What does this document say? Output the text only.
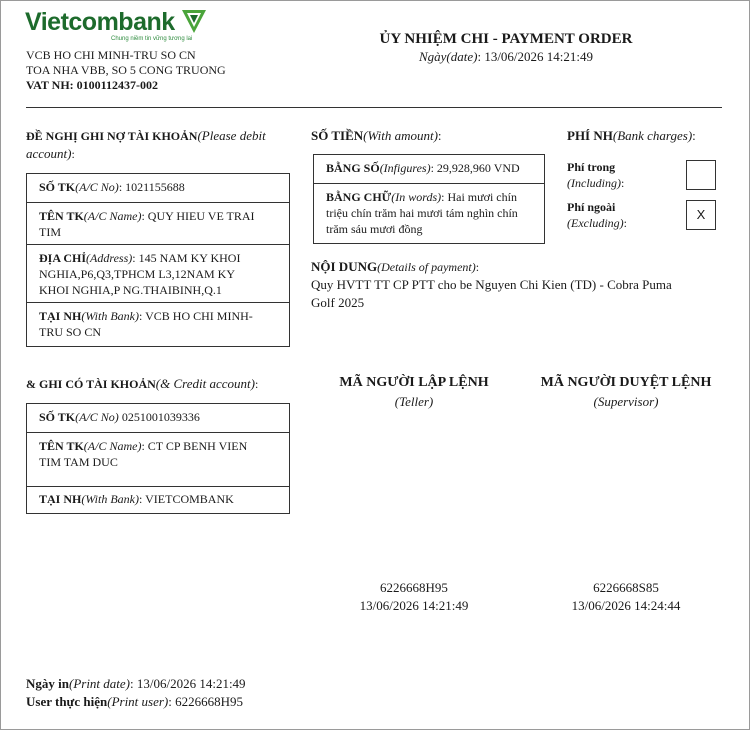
Vietcombank
Chung niềm tin vững tương lai
VCB HO CHI MINH-TRU SO CN
TOA NHA VBB, SO 5 CONG TRUONG
VAT NH: 0100112437-002
ỦY NHIỆM CHI - PAYMENT ORDER
Ngày(date): 13/06/2026 14:21:49
ĐỀ NGHỊ GHI NỢ TÀI KHOẢN(Please debit
account):
SỐ TK(A/C No): 1021155688
TÊN TK(A/C Name): QUY HIEU VE TRAI
TIM
ĐỊA CHỈ(Address): 145 NAM KY KHOI
NGHIA,P6,Q3,TPHCM L3,12NAM KY
KHOI NGHIA,P NG.THAIBINH,Q.1
TẠI NH(With Bank): VCB HO CHI MINH-
TRU SO CN
SỐ TIỀN(With amount):
BẰNG SỐ(Infigures): 29,928,960 VND
BẰNG CHỮ(In words): Hai mươi chín
triệu chín trăm hai mươi tám nghìn chín
trăm sáu mươi đồng
PHÍ NH(Bank charges):
Phí trong
(Including):
Phí ngoài
(Excluding):
X
NỘI DUNG(Details of payment):
Quy HVTT TT CP PTT cho be Nguyen Chi Kien (TD) - Cobra Puma
Golf 2025
& GHI CÓ TÀI KHOẢN(& Credit account):
SỐ TK(A/C No) 0251001039336
TÊN TK(A/C Name): CT CP BENH VIEN
TIM TAM DUC
TẠI NH(With Bank): VIETCOMBANK
MÃ NGƯỜI LẬP LỆNH
(Teller)
6226668H95
13/06/2026 14:21:49
MÃ NGƯỜI DUYỆT LỆNH
(Supervisor)
6226668S85
13/06/2026 14:24:44
Ngày in(Print date): 13/06/2026 14:21:49
User thực hiện(Print user): 6226668H95
